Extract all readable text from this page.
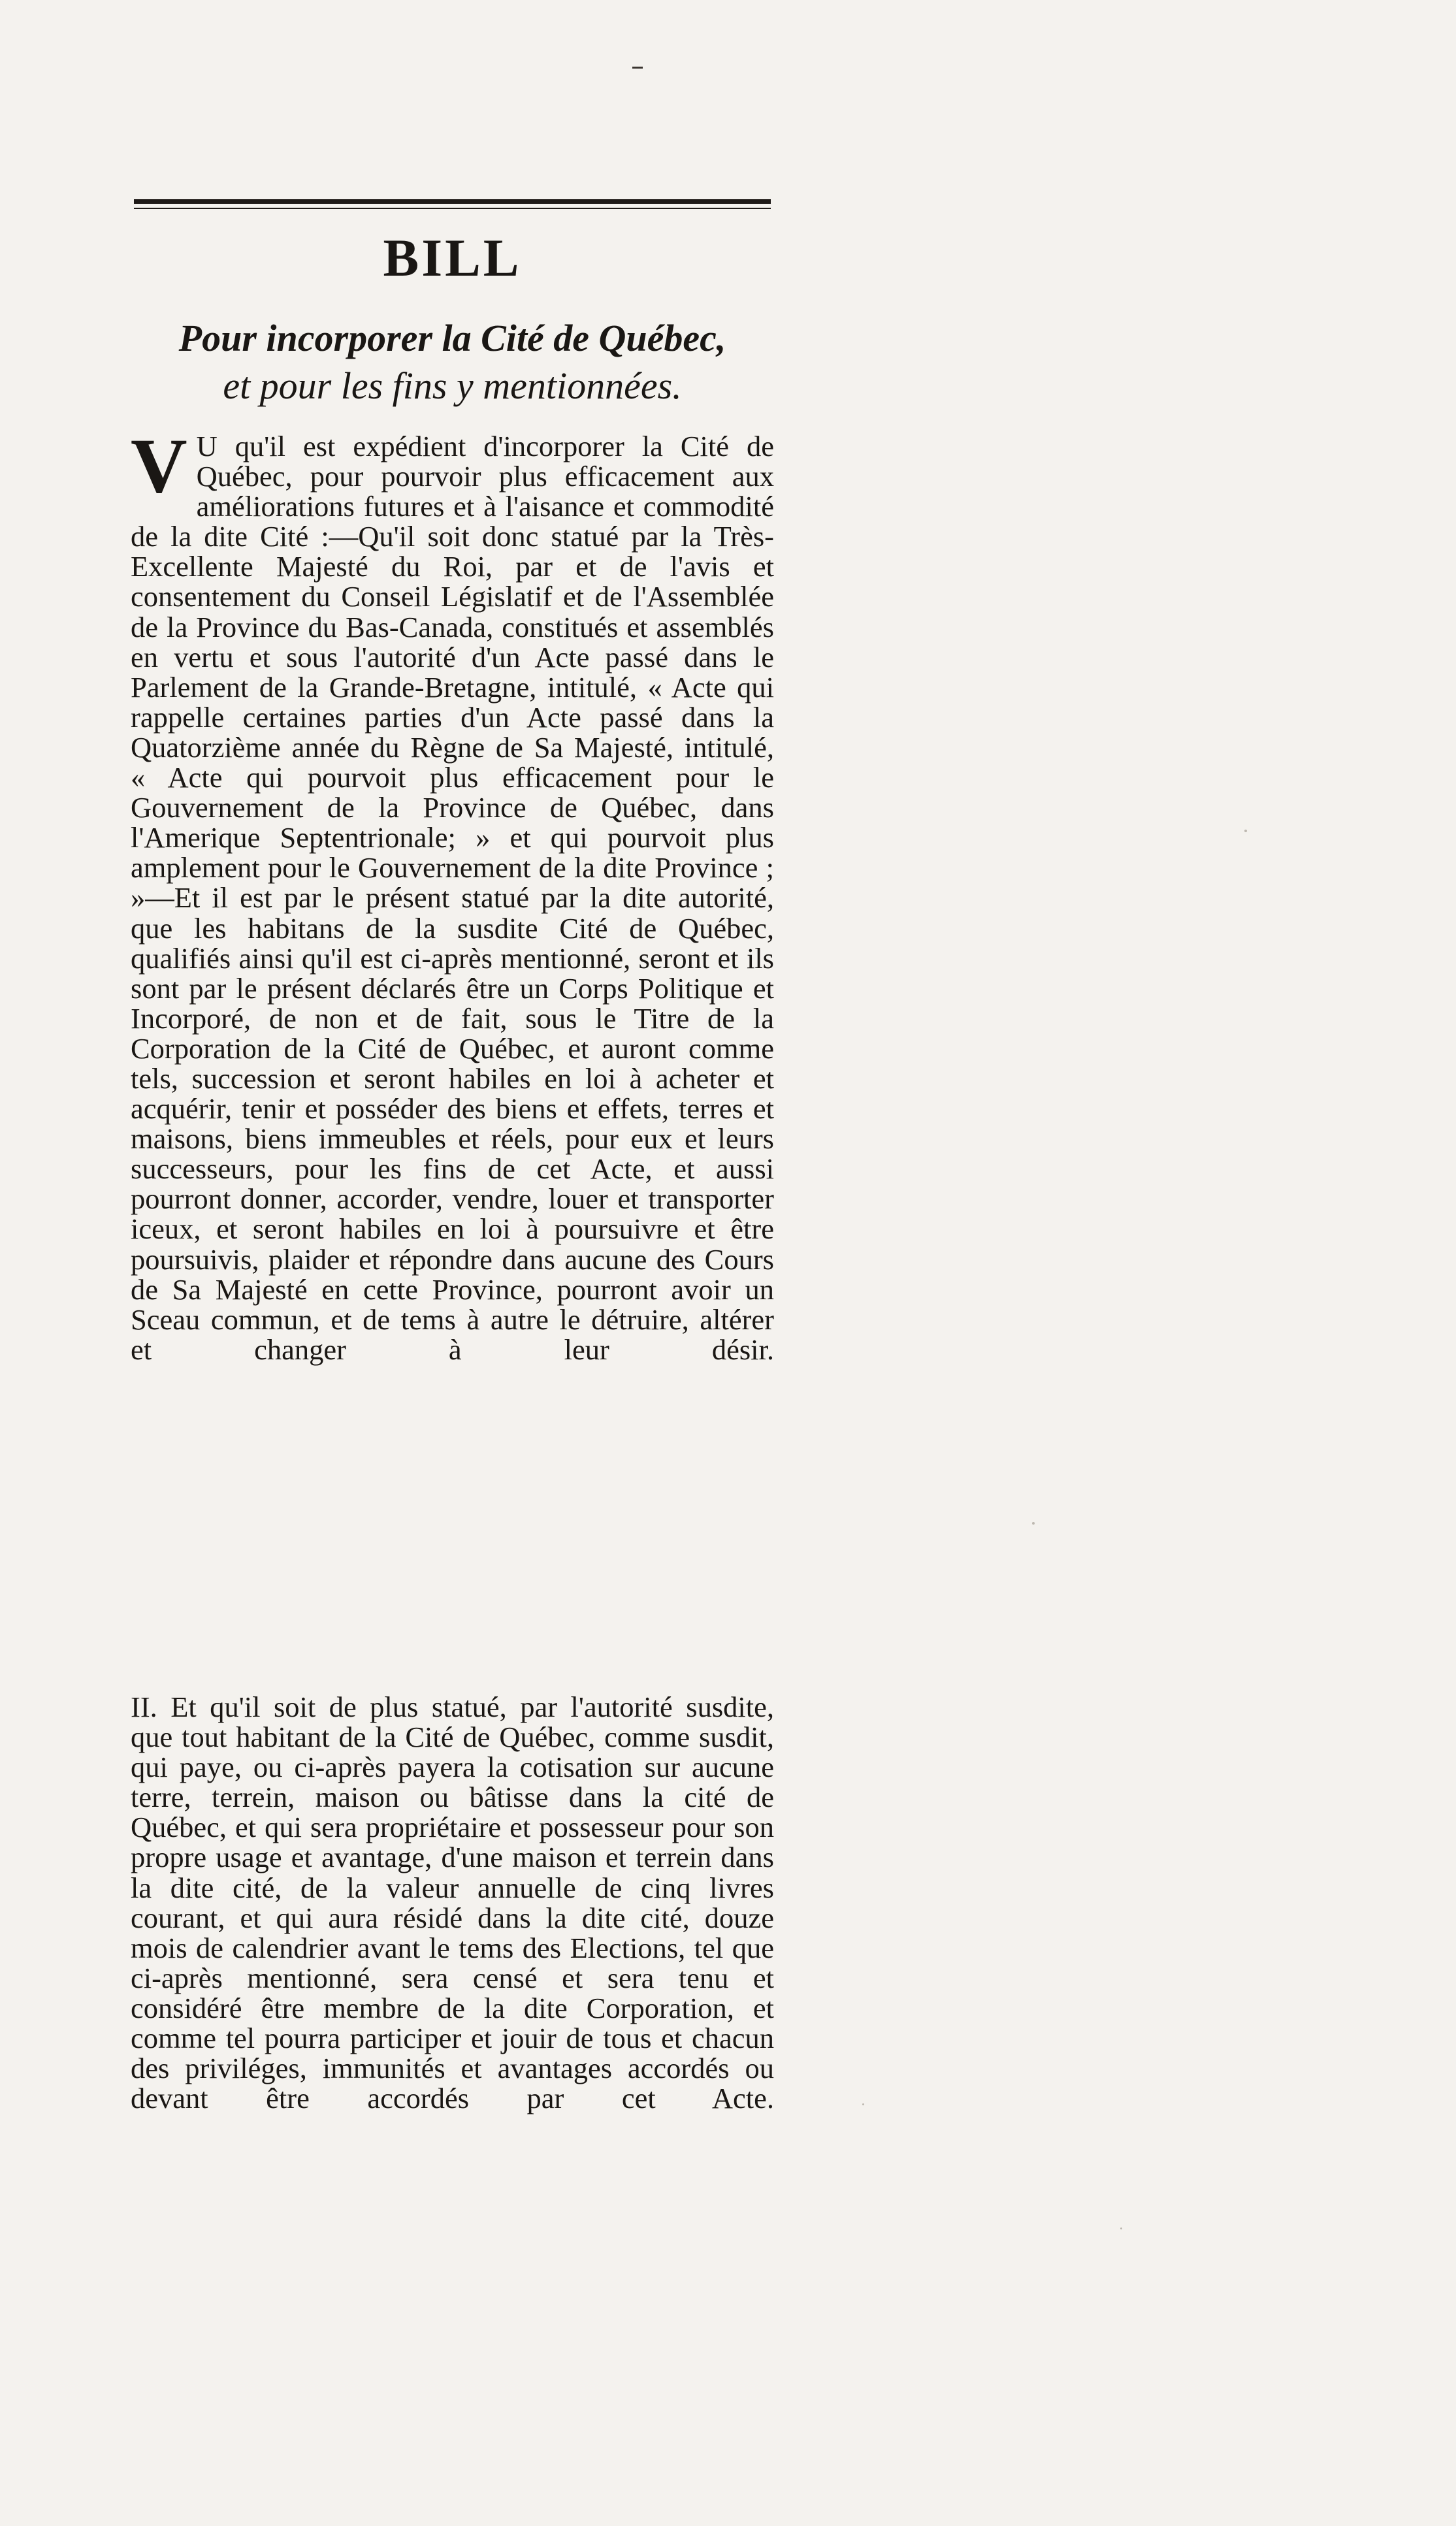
BILL
Pour incorporer la Cité de Québec,
et pour les fins y mentionnées.
V U qu'il est expédient d'incorporer la Cité de Québec, pour pourvoir plus efficacement aux améliorations futures et à l'aisance et commodité de la dite Cité :—Qu'il soit donc statué par la Très-Excellente Majesté du Roi, par et de l'avis et consentement du Conseil Législatif et de l'Assemblée de la Province du Bas-Canada, constitués et assemblés en vertu et sous l'autorité d'un Acte passé dans le Parlement de la Grande-Bretagne, intitulé, « Acte qui rappelle certaines parties d'un Acte passé dans la Quatorzième année du Règne de Sa Majesté, intitulé, « Acte qui pourvoit plus efficacement pour le Gouvernement de la Province de Québec, dans l'Amerique Septentrionale; » et qui pourvoit plus amplement pour le Gouvernement de la dite Province ; »—Et il est par le présent statué par la dite autorité, que les habitans de la susdite Cité de Québec, qualifiés ainsi qu'il est ci-après mentionné, seront et ils sont par le présent déclarés être un Corps Politique et Incorporé, de non et de fait, sous le Titre de la Corporation de la Cité de Québec, et auront comme tels, succession et seront habiles en loi à acheter et acquérir, tenir et posséder des biens et effets, terres et maisons, biens immeubles et réels, pour eux et leurs successeurs, pour les fins de cet Acte, et aussi pourront donner, accorder, vendre, louer et transporter iceux, et seront habiles en loi à poursuivre et être poursuivis, plaider et répondre dans aucune des Cours de Sa Majesté en cette Province, pourront avoir un Sceau commun, et de tems à autre le détruire, altérer et changer à leur désir.
II. Et qu'il soit de plus statué, par l'autorité susdite, que tout habitant de la Cité de Québec, comme susdit, qui paye, ou ci-après payera la cotisation sur aucune terre, terrein, maison ou bâtisse dans la cité de Québec, et qui sera propriétaire et possesseur pour son propre usage et avantage, d'une maison et terrein dans la dite cité, de la valeur annuelle de cinq livres courant, et qui aura résidé dans la dite cité, douze mois de calendrier avant le tems des Elections, tel que ci-après mentionné, sera censé et sera tenu et considéré être membre de la dite Corporation, et comme tel pourra participer et jouir de tous et chacun des priviléges, immunités et avantages accordés ou devant être accordés par cet Acte.
